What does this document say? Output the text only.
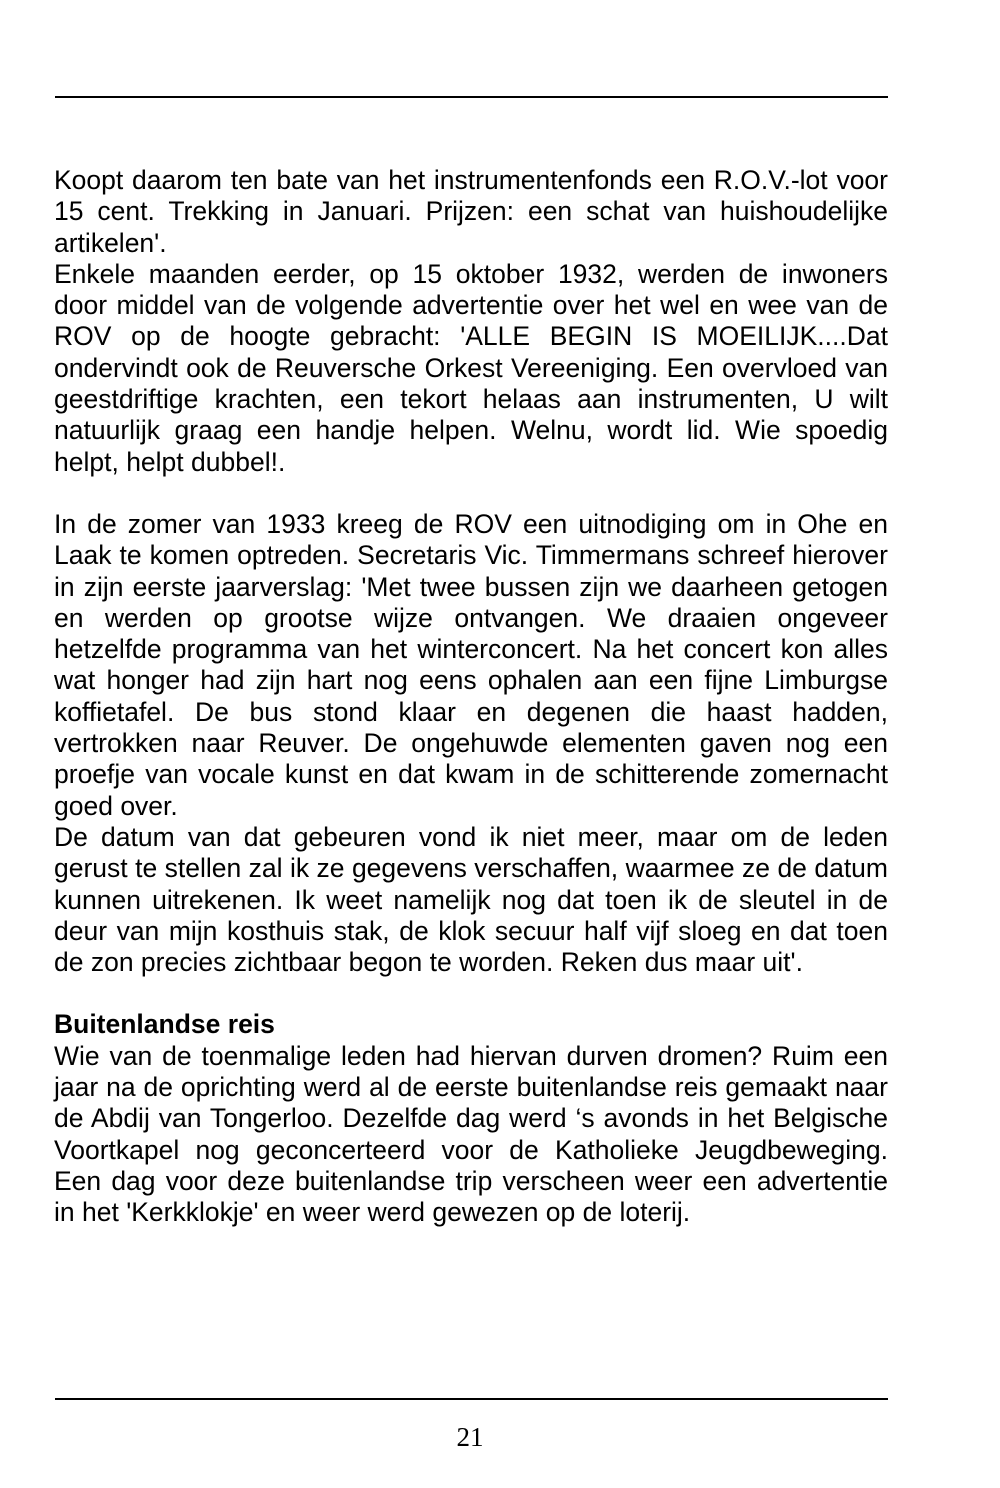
Koopt daarom ten bate van het instrumentenfonds een R.O.V.-lot voor 15 cent. Trekking in Januari. Prijzen: een schat van huishoudelijke artikelen'.

Enkele maanden eerder, op 15 oktober 1932, werden de inwoners door middel van de volgende advertentie over het wel en wee van de ROV op de hoogte gebracht: 'ALLE BEGIN IS MOEILIJK....Dat ondervindt ook de Reuversche Orkest Vereeniging. Een overvloed van geestdriftige krachten, een tekort helaas aan instrumenten, U wilt natuurlijk graag een handje helpen. Welnu, wordt lid. Wie spoedig helpt, helpt dubbel!.

In de zomer van 1933 kreeg de ROV een uitnodiging om in Ohe en Laak te komen optreden. Secretaris Vic. Timmermans schreef hierover in zijn eerste jaarverslag: 'Met twee bussen zijn we daarheen getogen en werden op grootse wijze ontvangen. We draaien ongeveer hetzelfde programma van het winterconcert. Na het concert kon alles wat honger had zijn hart nog eens ophalen aan een fijne Limburgse koffietafel. De bus stond klaar en degenen die haast hadden, vertrokken naar Reuver. De ongehuwde elementen gaven nog een proefje van vocale kunst en dat kwam in de schitterende zomernacht goed over.

De datum van dat gebeuren vond ik niet meer, maar om de leden gerust te stellen zal ik ze gegevens verschaffen, waarmee ze de datum kunnen uitrekenen. Ik weet namelijk nog dat toen ik de sleutel in de deur van mijn kosthuis stak, de klok secuur half vijf sloeg en dat toen de zon precies zichtbaar begon te worden. Reken dus maar uit'.

Buitenlandse reis

Wie van de toenmalige leden had hiervan durven dromen? Ruim een jaar na de oprichting werd al de eerste buitenlandse reis gemaakt naar de Abdij van Tongerloo. Dezelfde dag werd ‘s avonds in het Belgische Voortkapel nog geconcerteerd voor de Katholieke Jeugdbeweging. Een dag voor deze buitenlandse trip verscheen weer een advertentie in het 'Kerkklokje' en weer werd gewezen op de loterij.

21
